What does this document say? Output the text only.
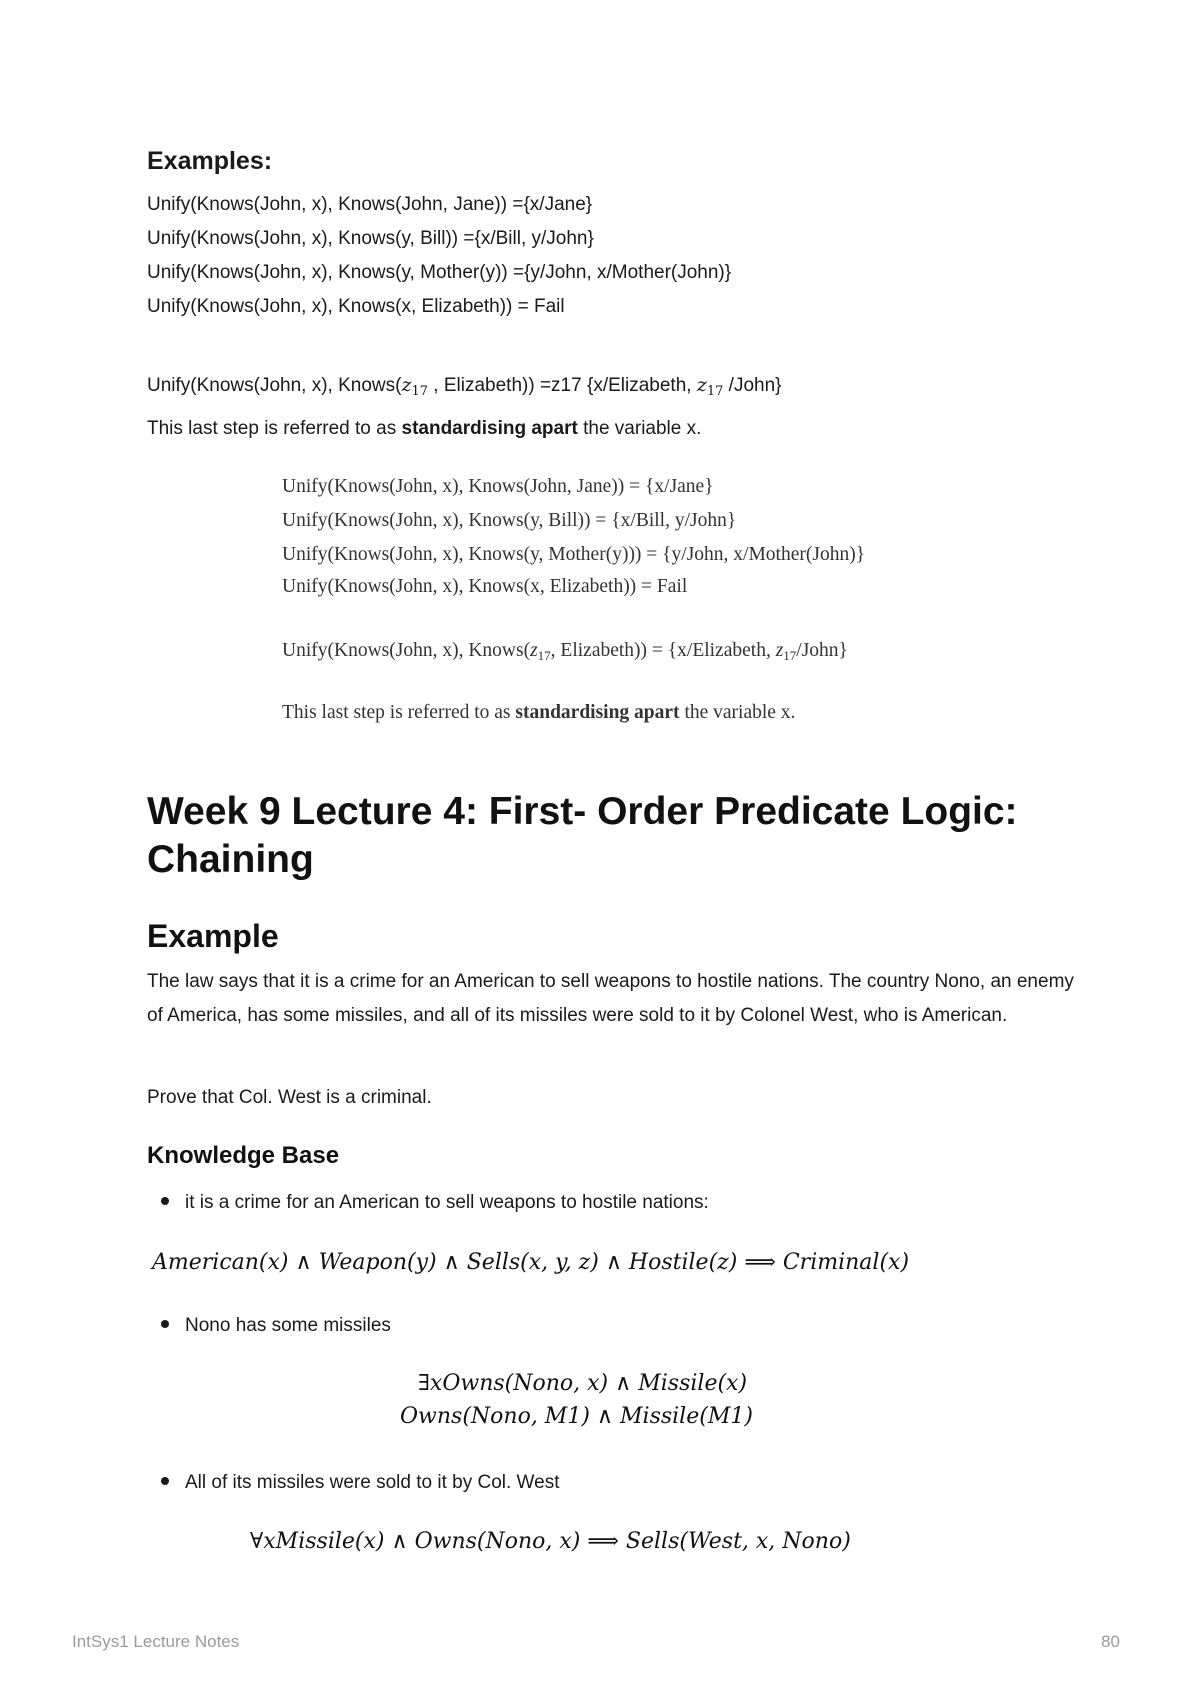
Examples:
Unify(Knows(John, x), Knows(John, Jane)) ={x/Jane}
Unify(Knows(John, x), Knows(y, Bill)) ={x/Bill, y/John}
Unify(Knows(John, x), Knows(y, Mother(y)) ={y/John, x/Mother(John)}
Unify(Knows(John, x), Knows(x, Elizabeth)) = Fail
Unify(Knows(John, x), $Knows(z_{17}$ , Elizabeth)) =z17 {x/Elizabeth, $z_{17}$ /John}
This last step is referred to as standardising apart the variable x.
Unify(Knows(John, x), Knows(John, Jane)) = {x/Jane}
Unify(Knows(John, x), Knows(y, Bill)) = {x/Bill, y/John}
Unify(Knows(John, x), Knows(y, Mother(y))) = {y/John, x/Mother(John)}
Unify(Knows(John, x), Knows(x, Elizabeth)) = Fail
Unify(Knows(John, x), $Knows(z_{17}$, Elizabeth)) = {x/Elizabeth, $z_{17}/John$}
This last step is referred to as standardising apart the variable x.
Week 9 Lecture 4: First- Order Predicate Logic:
Chaining
Example

The law says that it is a crime for an American to sell weapons to hostile nations. The country Nono, an enemy of America, has some missiles, and all of its missiles were sold to it by Colonel West, who is American.

Prove that Col. West is a criminal.

Knowledge Base
it is a crime for an American to sell weapons to hostile nations:
Nono has some missiles
All of its missiles were sold to it by Col. West
American(x) ∧ Weapon(y) ∧ Sells(x, y, z) ∧ Hostile(z) ⟹ Criminal(x)
∃xOwns(Nono, x) ∧ Missile(x)
Owns(Nono, M1) ∧ Missile(M1)
∀xMissile(x) ∧ Owns(Nono, x) ⟹ Sells(West, x, Nono)
IntSys1 Lecture Notes	80
